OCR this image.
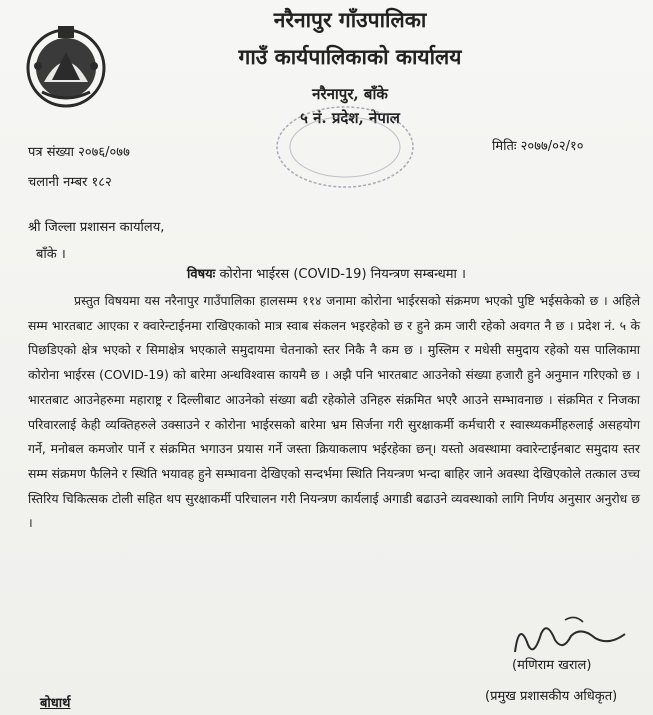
नरैनापुर गाँउपालिका
गाउँ कार्यपालिकाको कार्यालय
नरैनापुर, बाँके
५ नं. प्रदेश, नेपाल
पत्र संख्या २०७६/०७७
चलानी नम्बर १८२
मितिः २०७७/०२/१०
श्री जिल्ला प्रशासन कार्यालय,
बाँके ।
विषयः कोरोना भाईरस (COVID-19) नियन्त्रण सम्बन्धमा ।

प्रस्तुत विषयमा यस नरैनापुर गाउँपालिका हालसम्म ११४ जनामा कोरोना भाईरसको संक्रमण भएको पुष्टि भईसकेको छ । अहिले सम्म भारतबाट आएका र क्वारेन्टाईनमा राखिएकाको मात्र स्वाब संकलन भइरहेको छ र हुने क्रम जारी रहेको अवगत नै छ । प्रदेश नं. ५ के पिछडिएको क्षेत्र भएको र सिमाक्षेत्र भएकाले समुदायमा चेतनाको स्तर निकै नै कम छ । मुस्लिम र मधेसी समुदाय रहेको यस पालिकामा कोरोना भाईरस (COVID-19) को बारेमा अन्धविश्वास कायमै छ । अझै पनि भारतबाट आउनेको संख्या हजारौ हुने अनुमान गरिएको छ । भारतबाट आउनेहरुमा महाराष्ट्र र दिल्लीबाट आउनेको संख्या बढी रहेकोले उनिहरु संक्रमित भएरै आउने सम्भावनाछ । संक्रमित र निजका परिवारलाई केही व्यक्तिहरुले उक्साउने र कोरोना भाईरसको बारेमा भ्रम सिर्जना गरी सुरक्षाकर्मी कर्मचारी र स्वास्थ्यकर्मीहरुलाई असहयोग गर्ने, मनोबल कमजोर पार्ने र संक्रमित भगाउन प्रयास गर्ने जस्ता क्रियाकलाप भईरहेका छन्। यस्तो अवस्थामा क्वारेन्टाईनबाट समुदाय स्तर सम्म संक्रमण फैलिने र स्थिति भयावह हुने सम्भावना देखिएको सन्दर्भमा स्थिति नियन्त्रण भन्दा बाहिर जाने अवस्था देखिएकोले तत्काल उच्च स्तिरिय चिकित्सक टोली सहित थप सुरक्षाकर्मी परिचालन गरी नियन्त्रण कार्यलाई अगाडी बढाउने व्यवस्थाको लागि निर्णय अनुसार अनुरोध छ ।

(मणिराम खराल)
(प्रमुख प्रशासकीय अधिकृत)
बोधार्थ
